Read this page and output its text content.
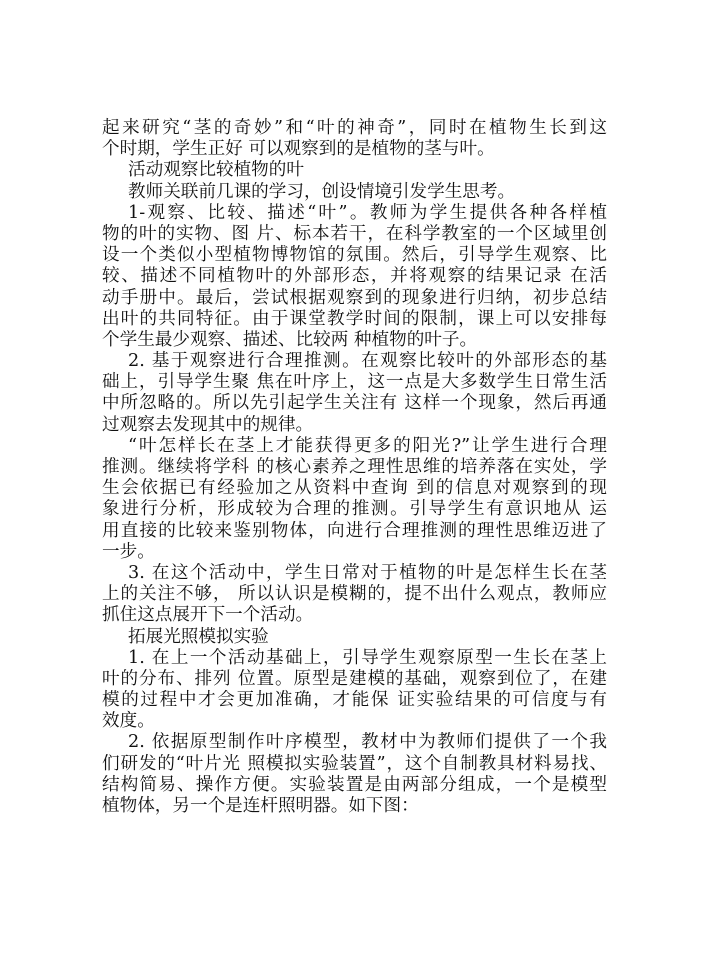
起来研究“茎的奇妙”和“叶的神奇”，同时在植物生长到这
个时期，学生正好 可以观察到的是植物的茎与叶。
活动观察比较植物的叶
教师关联前几课的学习，创设情境引发学生思考。
1-观察、比较、描述“叶”。教师为学生提供各种各样植
物的叶的实物、图 片、标本若干，在科学教室的一个区域里创
设一个类似小型植物博物馆的氛围。然后，引导学生观察、比
较、描述不同植物叶的外部形态，并将观察的结果记录 在活
动手册中。最后，尝试根据观察到的现象进行归纳，初步总结
出叶的共同特征。由于课堂教学时间的限制，课上可以安排每
个学生最少观察、描述、比较两 种植物的叶子。
2. 基于观察进行合理推测。在观察比较叶的外部形态的基
础上，引导学生聚 焦在叶序上，这一点是大多数学生日常生活
中所忽略的。所以先引起学生关注有 这样一个现象，然后再通
过观察去发现其中的规律。
“叶怎样长在茎上才能获得更多的阳光?”让学生进行合理
推测。继续将学科 的核心素养之理性思维的培养落在实处，学
生会依据已有经验加之从资料中查询 到的信息对观察到的现
象进行分析，形成较为合理的推测。引导学生有意识地从 运
用直接的比较来鉴别物体，向进行合理推测的理性思维迈进了
一步。
3. 在这个活动中，学生日常对于植物的叶是怎样生长在茎
上的关注不够， 所以认识是模糊的，提不出什么观点，教师应
抓住这点展开下一个活动。
拓展光照模拟实验
1. 在上一个活动基础上，引导学生观察原型一生长在茎上
叶的分布、排列 位置。原型是建模的基础，观察到位了，在建
模的过程中才会更加准确，才能保 证实验结果的可信度与有
效度。
2. 依据原型制作叶序模型，教材中为教师们提供了一个我
们研发的“叶片光 照模拟实验装置”，这个自制教具材料易找、
结构简易、操作方便。实验装置是由两部分组成，一个是模型
植物体，另一个是连杆照明器。如下图：
